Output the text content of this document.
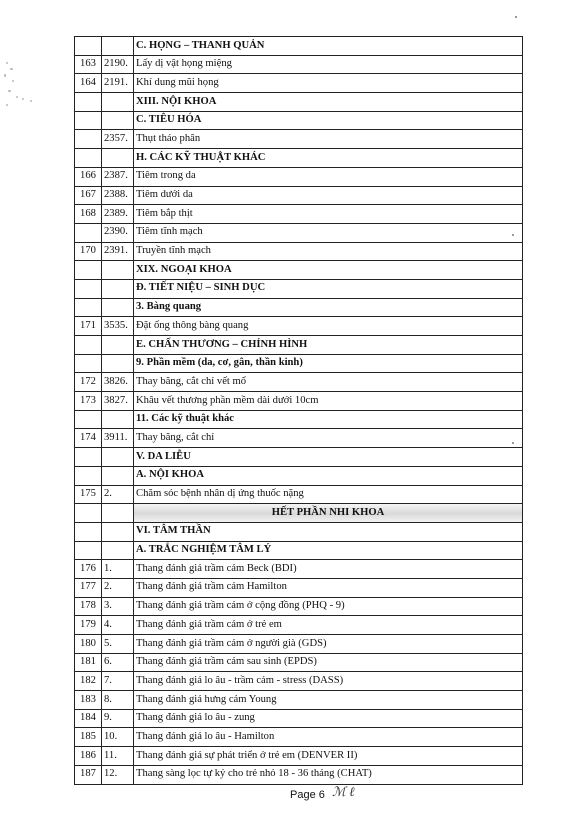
		C. HỌNG – THANH QUẢN
163	2190.	Lấy dị vật họng miệng
164	2191.	Khí dung mũi họng
		XIII. NỘI KHOA
		C. TIÊU HÓA
	2357.	Thụt tháo phân
		H. CÁC KỸ THUẬT KHÁC
166	2387.	Tiêm trong da
167	2388.	Tiêm dưới da
168	2389.	Tiêm bắp thịt
	2390.	Tiêm tĩnh mạch
170	2391.	Truyền tĩnh mạch
		XIX. NGOẠI KHOA
		Đ. TIẾT NIỆU – SINH DỤC
		3. Bàng quang
171	3535.	Đặt ống thông bàng quang
		E. CHẤN THƯƠNG – CHỈNH HÌNH
		9. Phần mềm (da, cơ, gân, thần kinh)
172	3826.	Thay băng, cắt chỉ vết mổ
173	3827.	Khâu vết thương phần mềm dài dưới 10cm
		11. Các kỹ thuật khác
174	3911.	Thay băng, cắt chỉ
		V. DA LIỄU
		A. NỘI KHOA
175	2.	Chăm sóc bệnh nhân dị ứng thuốc nặng
		HẾT PHẦN NHI KHOA
		VI. TÂM THẦN
		A. TRẮC NGHIỆM TÂM LÝ
176	1.	Thang đánh giá trầm cảm Beck (BDI)
177	2.	Thang đánh giá trầm cảm Hamilton
178	3.	Thang đánh giá trầm cảm ở cộng đồng (PHQ - 9)
179	4.	Thang đánh giá trầm cảm ở trẻ em
180	5.	Thang đánh giá trầm cảm ở người già (GDS)
181	6.	Thang đánh giá trầm cảm sau sinh (EPDS)
182	7.	Thang đánh giá lo âu - trầm cảm - stress (DASS)
183	8.	Thang đánh giá hưng cảm Young
184	9.	Thang đánh giá lo âu - zung
185	10.	Thang đánh giá lo âu - Hamilton
186	11.	Thang đánh giá sự phát triển ở trẻ em (DENVER II)
187	12.	Thang sàng lọc tự kỷ cho trẻ nhỏ 18 - 36 tháng (CHAT)
Page 6 ℳ ℓ
